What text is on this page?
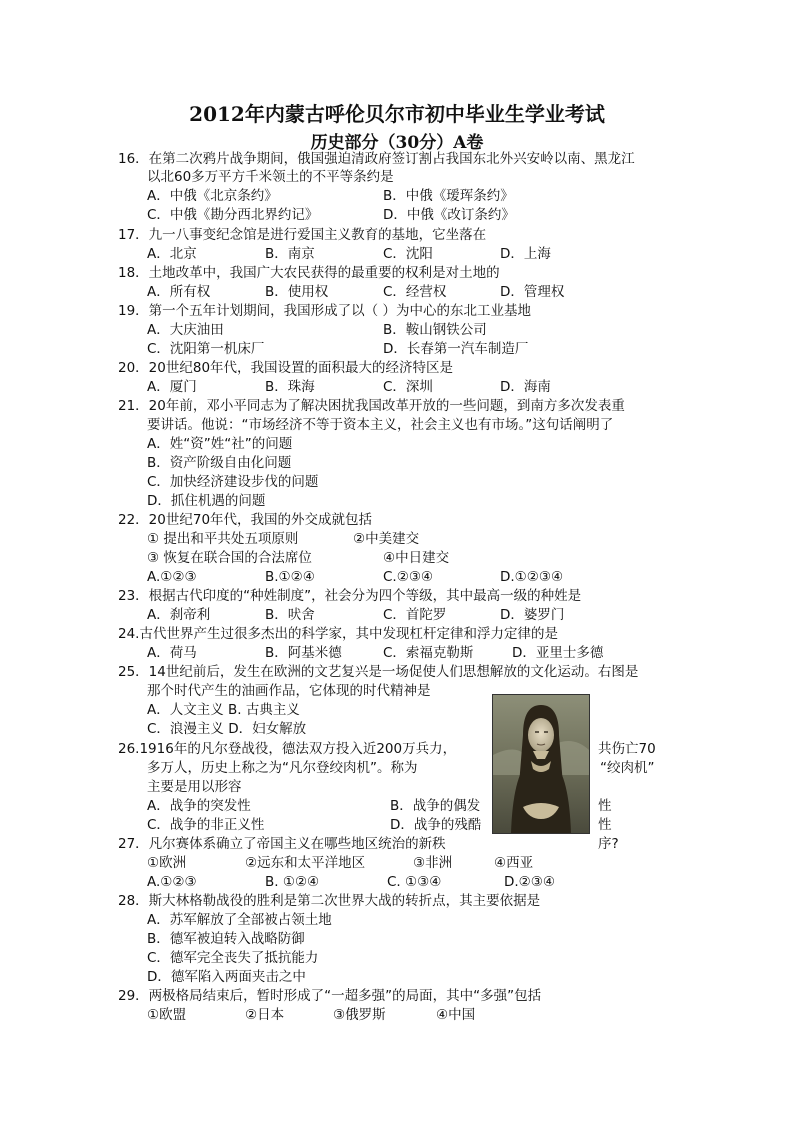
2012年内蒙古呼伦贝尔市初中毕业生学业考试
历史部分（30分）A卷
16．在第二次鸦片战争期间，俄国强迫清政府签订割占我国东北外兴安岭以南、黑龙江
以北60多万平方千米领土的不平等条约是
A．中俄《北京条约》	B．中俄《瑷珲条约》
C．中俄《勘分西北界约记》	D．中俄《改订条约》
17．九一八事变纪念馆是进行爱国主义教育的基地，它坐落在
A．北京	B．南京	C．沈阳	D．上海
18．土地改革中，我国广大农民获得的最重要的权利是对土地的
A．所有权	B．使用权	C．经营权	D．管理权
19．第一个五年计划期间，我国形成了以（ ）为中心的东北工业基地
A．大庆油田	B．鞍山钢铁公司
C．沈阳第一机床厂	D．长春第一汽车制造厂
20．20世纪80年代，我国设置的面积最大的经济特区是
A．厦门	B．珠海	C．深圳	D．海南
21．20年前，邓小平同志为了解决困扰我国改革开放的一些问题，到南方多次发表重
要讲话。他说：“市场经济不等于资本主义，社会主义也有市场。”这句话阐明了
A．姓“资”姓“社”的问题
B．资产阶级自由化问题
C．加快经济建设步伐的问题
D．抓住机遇的问题
22．20世纪70年代，我国的外交成就包括
① 提出和平共处五项原则	②中美建交
③ 恢复在联合国的合法席位	④中日建交
A.①②③	B.①②④	C.②③④	D.①②③④
23．根据古代印度的“种姓制度”，社会分为四个等级，其中最高一级的种姓是
A．刹帝利	B．吠舍	C．首陀罗	D．婆罗门
24.古代世界产生过很多杰出的科学家，其中发现杠杆定律和浮力定律的是
A．荷马	B．阿基米德	C．索福克勒斯	D．亚里士多德
25．14世纪前后，发生在欧洲的文艺复兴是一场促使人们思想解放的文化运动。右图是
那个时代产生的油画作品，它体现的时代精神是
A．人文主义 B. 古典主义
C．浪漫主义 D．妇女解放
26.1916年的凡尔登战役，德法双方投入近200万兵力，	共伤亡70
多万人，历史上称之为“凡尔登绞肉机”。称为	“绞肉机”
主要是用以形容
A．战争的突发性	B．战争的偶发	性
C．战争的非正义性	D．战争的残酷	性
27．凡尔赛体系确立了帝国主义在哪些地区统治的新秩	序?
①欧洲	②远东和太平洋地区	③非洲	④西亚
A.①②③	B. ①②④	C. ①③④	D.②③④
28．斯大林格勒战役的胜利是第二次世界大战的转折点，其主要依据是
A．苏军解放了全部被占领土地
B．德军被迫转入战略防御
C．德军完全丧失了抵抗能力
D．德军陷入两面夹击之中
29．两极格局结束后，暂时形成了“一超多强”的局面，其中“多强”包括
①欧盟	②日本	③俄罗斯	④中国
